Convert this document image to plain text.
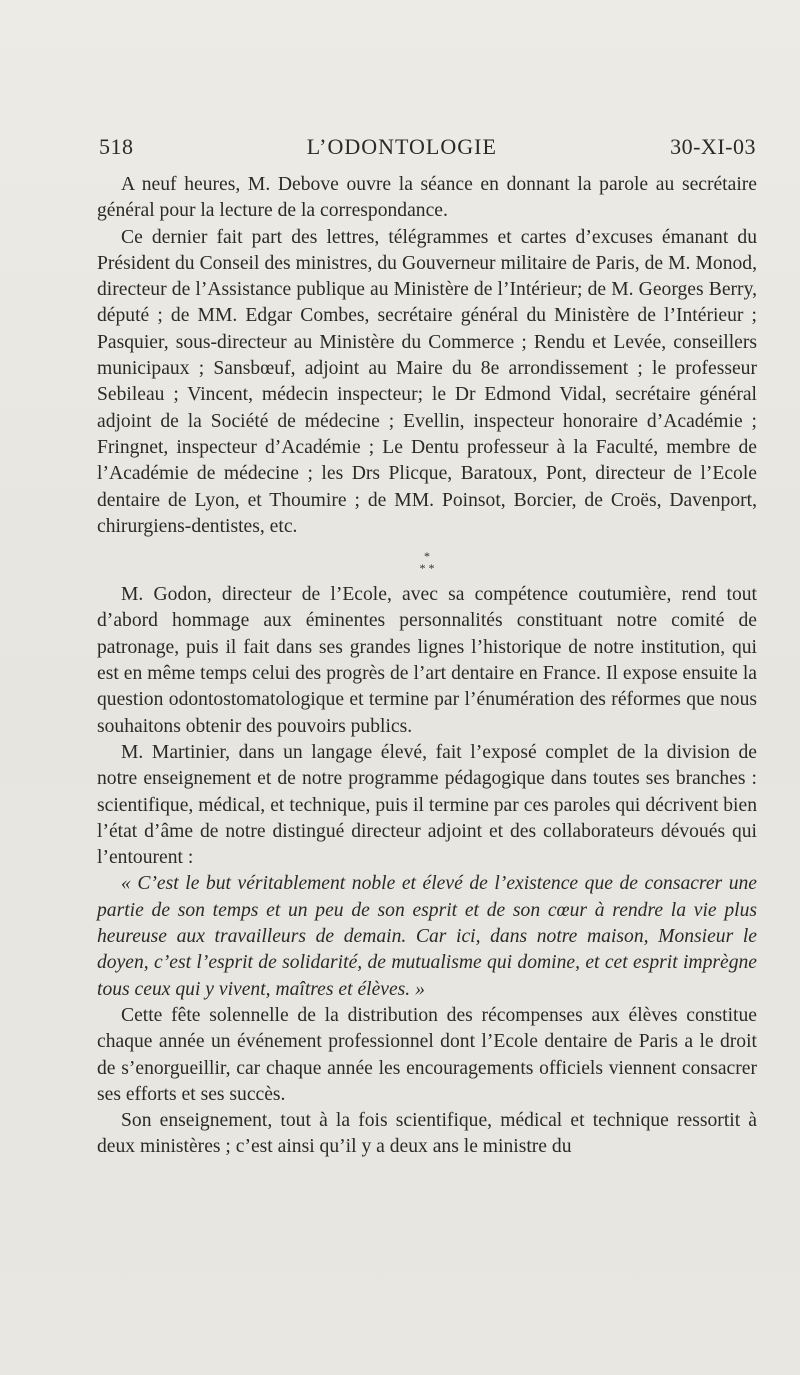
518	L’ODONTOLOGIE	30-XI-03

A neuf heures, M. Debove ouvre la séance en donnant la parole au secrétaire général pour la lecture de la correspondance.

Ce dernier fait part des lettres, télégrammes et cartes d’excuses émanant du Président du Conseil des ministres, du Gouverneur militaire de Paris, de M. Monod, directeur de l’Assistance publique au Ministère de l’Intérieur; de M. Georges Berry, député ; de MM. Edgar Combes, secrétaire général du Ministère de l’Intérieur ; Pasquier, sous-directeur au Ministère du Commerce ; Rendu et Levée, conseillers municipaux ; Sansbœuf, adjoint au Maire du 8e arrondissement ; le professeur Sebileau ; Vincent, médecin inspecteur; le Dr Edmond Vidal, secrétaire général adjoint de la Société de médecine ; Evellin, inspecteur honoraire d’Académie ; Fringnet, inspecteur d’Académie ; Le Dentu professeur à la Faculté, membre de l’Académie de médecine ; les Drs Plicque, Baratoux, Pont, directeur de l’Ecole dentaire de Lyon, et Thoumire ; de MM. Poinsot, Borcier, de Croës, Davenport, chirurgiens-dentistes, etc.

*
* *

M. Godon, directeur de l’Ecole, avec sa compétence coutumière, rend tout d’abord hommage aux éminentes personnalités constituant notre comité de patronage, puis il fait dans ses grandes lignes l’historique de notre institution, qui est en même temps celui des progrès de l’art dentaire en France. Il expose ensuite la question odontostomatologique et termine par l’énumération des réformes que nous souhaitons obtenir des pouvoirs publics.

M. Martinier, dans un langage élevé, fait l’exposé complet de la division de notre enseignement et de notre programme pédagogique dans toutes ses branches : scientifique, médical, et technique, puis il termine par ces paroles qui décrivent bien l’état d’âme de notre distingué directeur adjoint et des collaborateurs dévoués qui l’entourent :

« C’est le but véritablement noble et élevé de l’existence que de consacrer une partie de son temps et un peu de son esprit et de son cœur à rendre la vie plus heureuse aux travailleurs de demain. Car ici, dans notre maison, Monsieur le doyen, c’est l’esprit de solidarité, de mutualisme qui domine, et cet esprit imprègne tous ceux qui y vivent, maîtres et élèves. »

Cette fête solennelle de la distribution des récompenses aux élèves constitue chaque année un événement professionnel dont l’Ecole dentaire de Paris a le droit de s’enorgueillir, car chaque année les encouragements officiels viennent consacrer ses efforts et ses succès.

Son enseignement, tout à la fois scientifique, médical et technique ressortit à deux ministères ; c’est ainsi qu’il y a deux ans le ministre du
